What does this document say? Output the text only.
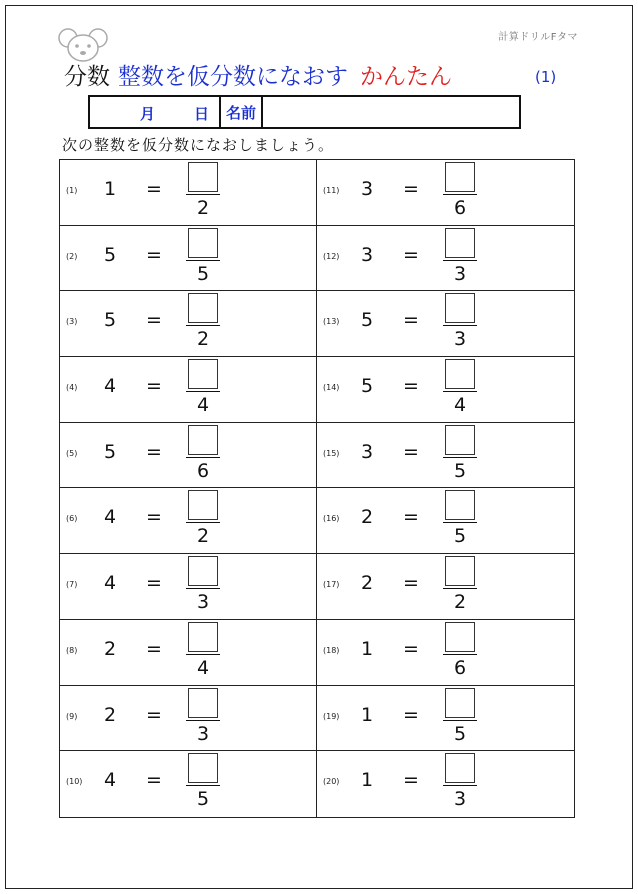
計算ドリルFタマ
分数 整数を仮分数になおす かんたん	(1)
月	日	名前
次の整数を仮分数になおしましょう。
(1) 1 =
2
(11) 3 =
6
(2) 5 =
5
(12) 3 =
3
(3) 5 =
2
(13) 5 =
3
(4) 4 =
4
(14) 5 =
4
(5) 5 =
6
(15) 3 =
5
(6) 4 =
2
(16) 2 =
5
(7) 4 =
3
(17) 2 =
2
(8) 2 =
4
(18) 1 =
6
(9) 2 =
3
(19) 1 =
5
(10) 4 =
5
(20) 1 =
3
